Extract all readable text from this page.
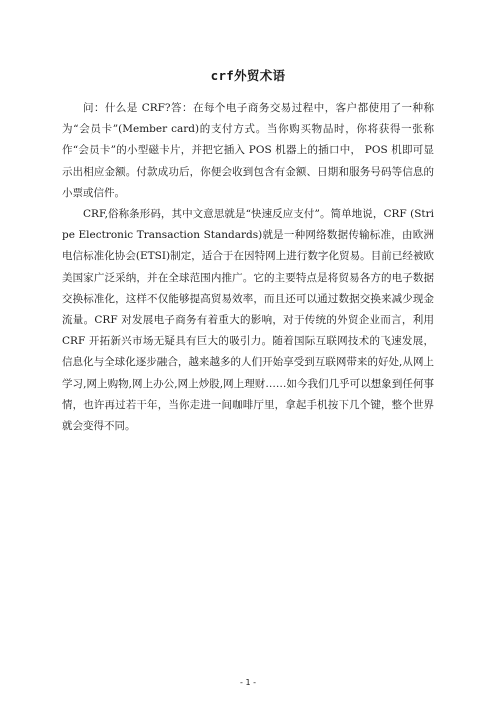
crf外贸术语

问：什么是 CRF?答：在每个电子商务交易过程中，客户都使用了一种称为“会员卡”(Member card)的支付方式。当你购买物品时，你将获得一张称作“会员卡”的小型磁卡片，并把它插入 POS 机器上的插口中， POS 机即可显示出相应金额。付款成功后，你便会收到包含有金额、日期和服务号码等信息的小票或信件。

CRF,俗称条形码，其中文意思就是“快速反应支付”。简单地说，CRF (Stripe Electronic Transaction Standards)就是一种网络数据传输标准，由欧洲电信标准化协会(ETSI)制定，适合于在因特网上进行数字化贸易。目前已经被欧美国家广泛采纳，并在全球范围内推广。它的主要特点是将贸易各方的电子数据交换标准化，这样不仅能够提高贸易效率，而且还可以通过数据交换来减少现金流量。CRF 对发展电子商务有着重大的影响，对于传统的外贸企业而言，利用 CRF 开拓新兴市场无疑具有巨大的吸引力。随着国际互联网技术的飞速发展，信息化与全球化逐步融合，越来越多的人们开始享受到互联网带来的好处,从网上学习,网上购物,网上办公,网上炒股,网上理财……如今我们几乎可以想象到任何事情，也许再过若干年，当你走进一间咖啡厅里，拿起手机按下几个键，整个世界就会变得不同。

- 1 -
